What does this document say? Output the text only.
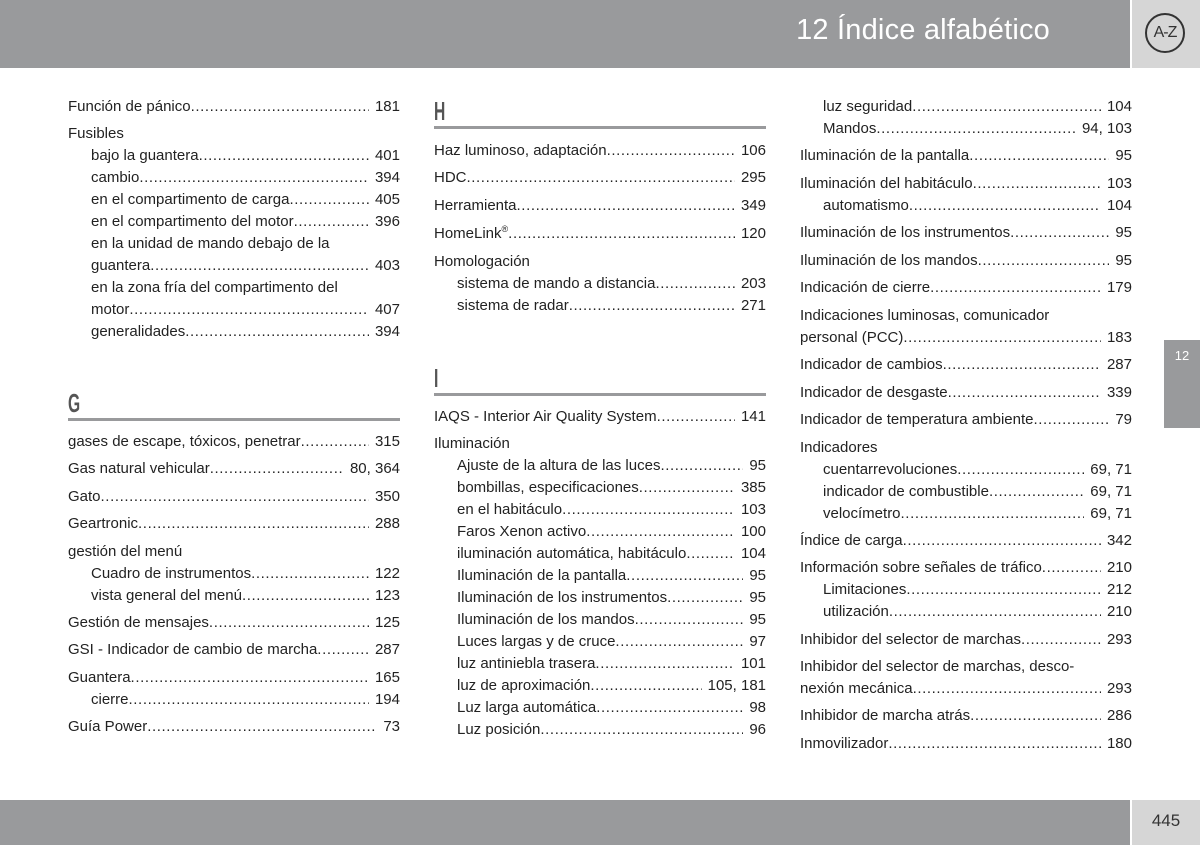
12 Índice alfabético	A-Z
12
445
Función de pánico .....	181
Fusibles
bajo la guantera .....	401
cambio .....	394
en el compartimento de carga .....	405
en el compartimento del motor .....	396
en la unidad de mando debajo de la
guantera .....	403
en la zona fría del compartimento del
motor .....	407
generalidades .....	394
G
gases de escape, tóxicos, penetrar .....	315
Gas natural vehicular .....	80, 364
Gato .....	350
Geartronic .....	288
gestión del menú
Cuadro de instrumentos .....	122
vista general del menú .....	123
Gestión de mensajes .....	125
GSI - Indicador de cambio de marcha .....	287
Guantera .....	165
cierre .....	194
Guía Power .....	73
H
Haz luminoso, adaptación .....	106
HDC .....	295
Herramienta .....	349
HomeLink® .....	120
Homologación
sistema de mando a distancia .....	203
sistema de radar .....	271
I
IAQS - Interior Air Quality System .....	141
Iluminación
Ajuste de la altura de las luces .....	95
bombillas, especificaciones .....	385
en el habitáculo .....	103
Faros Xenon activo .....	100
iluminación automática, habitáculo .....	104
Iluminación de la pantalla .....	95
Iluminación de los instrumentos .....	95
Iluminación de los mandos .....	95
Luces largas y de cruce .....	97
luz antiniebla trasera .....	101
luz de aproximación .....	105, 181
Luz larga automática .....	98
Luz posición .....	96
luz seguridad .....	104
Mandos .....	94, 103
Iluminación de la pantalla .....	95
Iluminación del habitáculo .....	103
automatismo .....	104
Iluminación de los instrumentos .....	95
Iluminación de los mandos .....	95
Indicación de cierre .....	179
Indicaciones luminosas, comunicador
personal (PCC) .....	183
Indicador de cambios .....	287
Indicador de desgaste .....	339
Indicador de temperatura ambiente .....	79
Indicadores
cuentarrevoluciones .....	69, 71
indicador de combustible .....	69, 71
velocímetro .....	69, 71
Índice de carga .....	342
Información sobre señales de tráfico .....	210
Limitaciones .....	212
utilización .....	210
Inhibidor del selector de marchas .....	293
Inhibidor del selector de marchas, desco-
nexión mecánica .....	293
Inhibidor de marcha atrás .....	286
Inmovilizador .....	180
